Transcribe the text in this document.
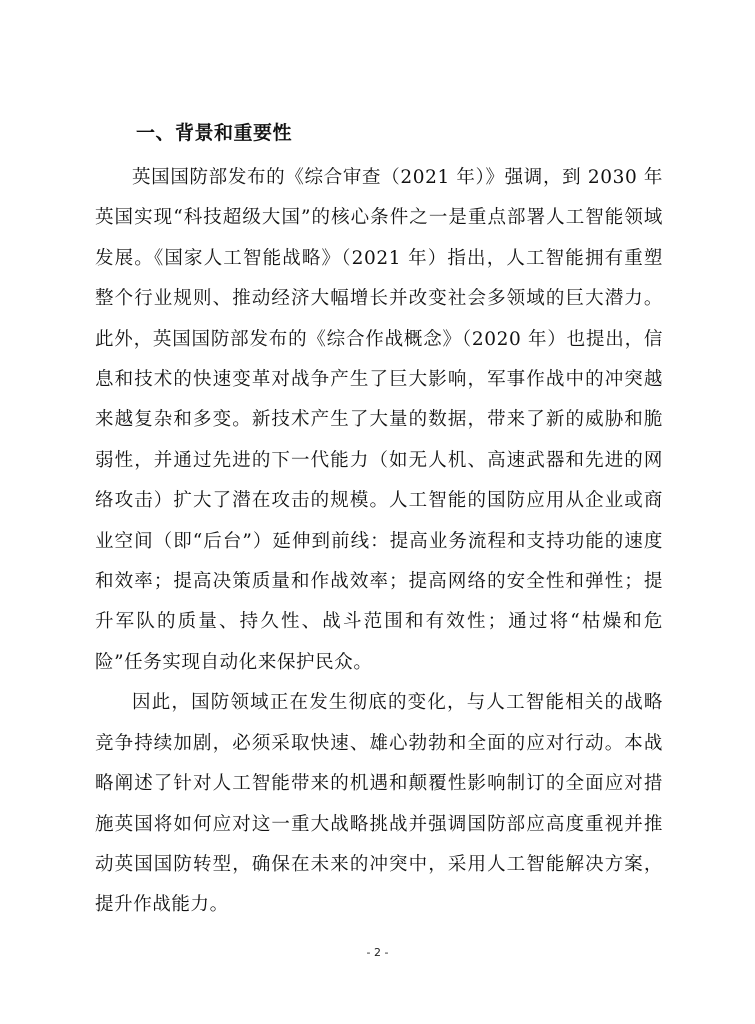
一、背景和重要性

英国国防部发布的《综合审查（2021 年）》强调，到 2030 年英国实现“科技超级大国”的核心条件之一是重点部署人工智能领域发展。《国家人工智能战略》（2021 年）指出，人工智能拥有重塑整个行业规则、推动经济大幅增长并改变社会多领域的巨大潜力。此外，英国国防部发布的《综合作战概念》（2020 年）也提出，信息和技术的快速变革对战争产生了巨大影响，军事作战中的冲突越来越复杂和多变。新技术产生了大量的数据，带来了新的威胁和脆弱性，并通过先进的下一代能力（如无人机、高速武器和先进的网络攻击）扩大了潜在攻击的规模。人工智能的国防应用从企业或商业空间（即“后台”）延伸到前线：提高业务流程和支持功能的速度和效率；提高决策质量和作战效率；提高网络的安全性和弹性；提升军队的质量、持久性、战斗范围和有效性；通过将“枯燥和危险”任务实现自动化来保护民众。

因此，国防领域正在发生彻底的变化，与人工智能相关的战略竞争持续加剧，必须采取快速、雄心勃勃和全面的应对行动。本战略阐述了针对人工智能带来的机遇和颠覆性影响制订的全面应对措施英国将如何应对这一重大战略挑战并强调国防部应高度重视并推动英国国防转型，确保在未来的冲突中，采用人工智能解决方案，提升作战能力。

- 2 -
